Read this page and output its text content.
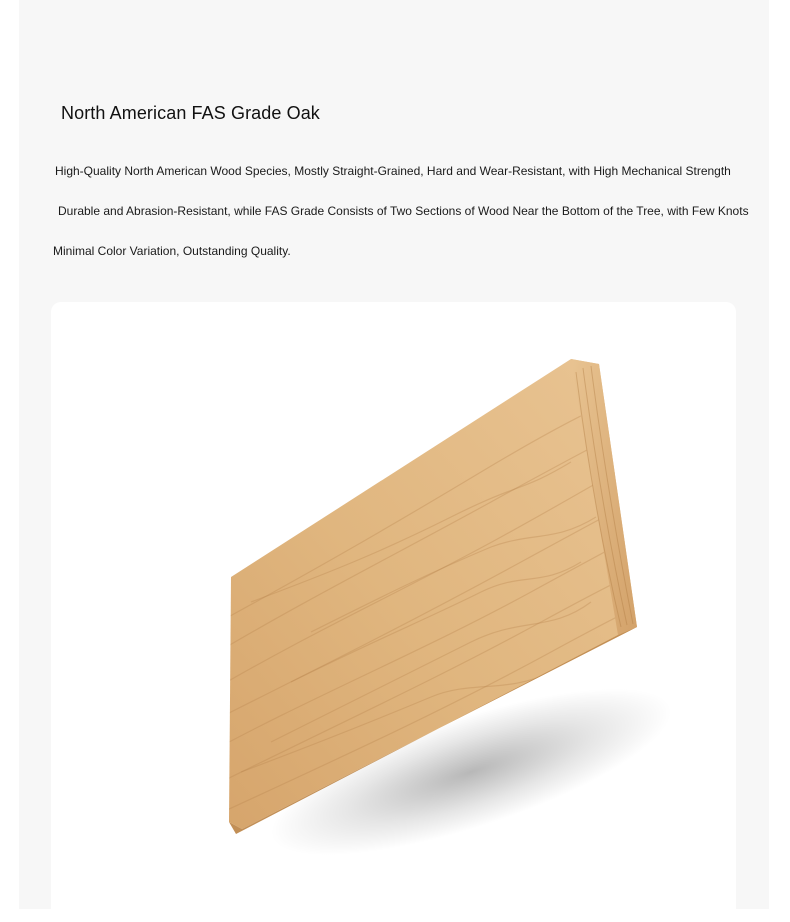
North American FAS Grade Oak

High-Quality North American Wood Species, Mostly Straight-Grained, Hard and Wear-Resistant, with High Mechanical Strength

Durable and Abrasion-Resistant, while FAS Grade Consists of Two Sections of Wood Near the Bottom of the Tree, with Few Knots

Minimal Color Variation, Outstanding Quality.
